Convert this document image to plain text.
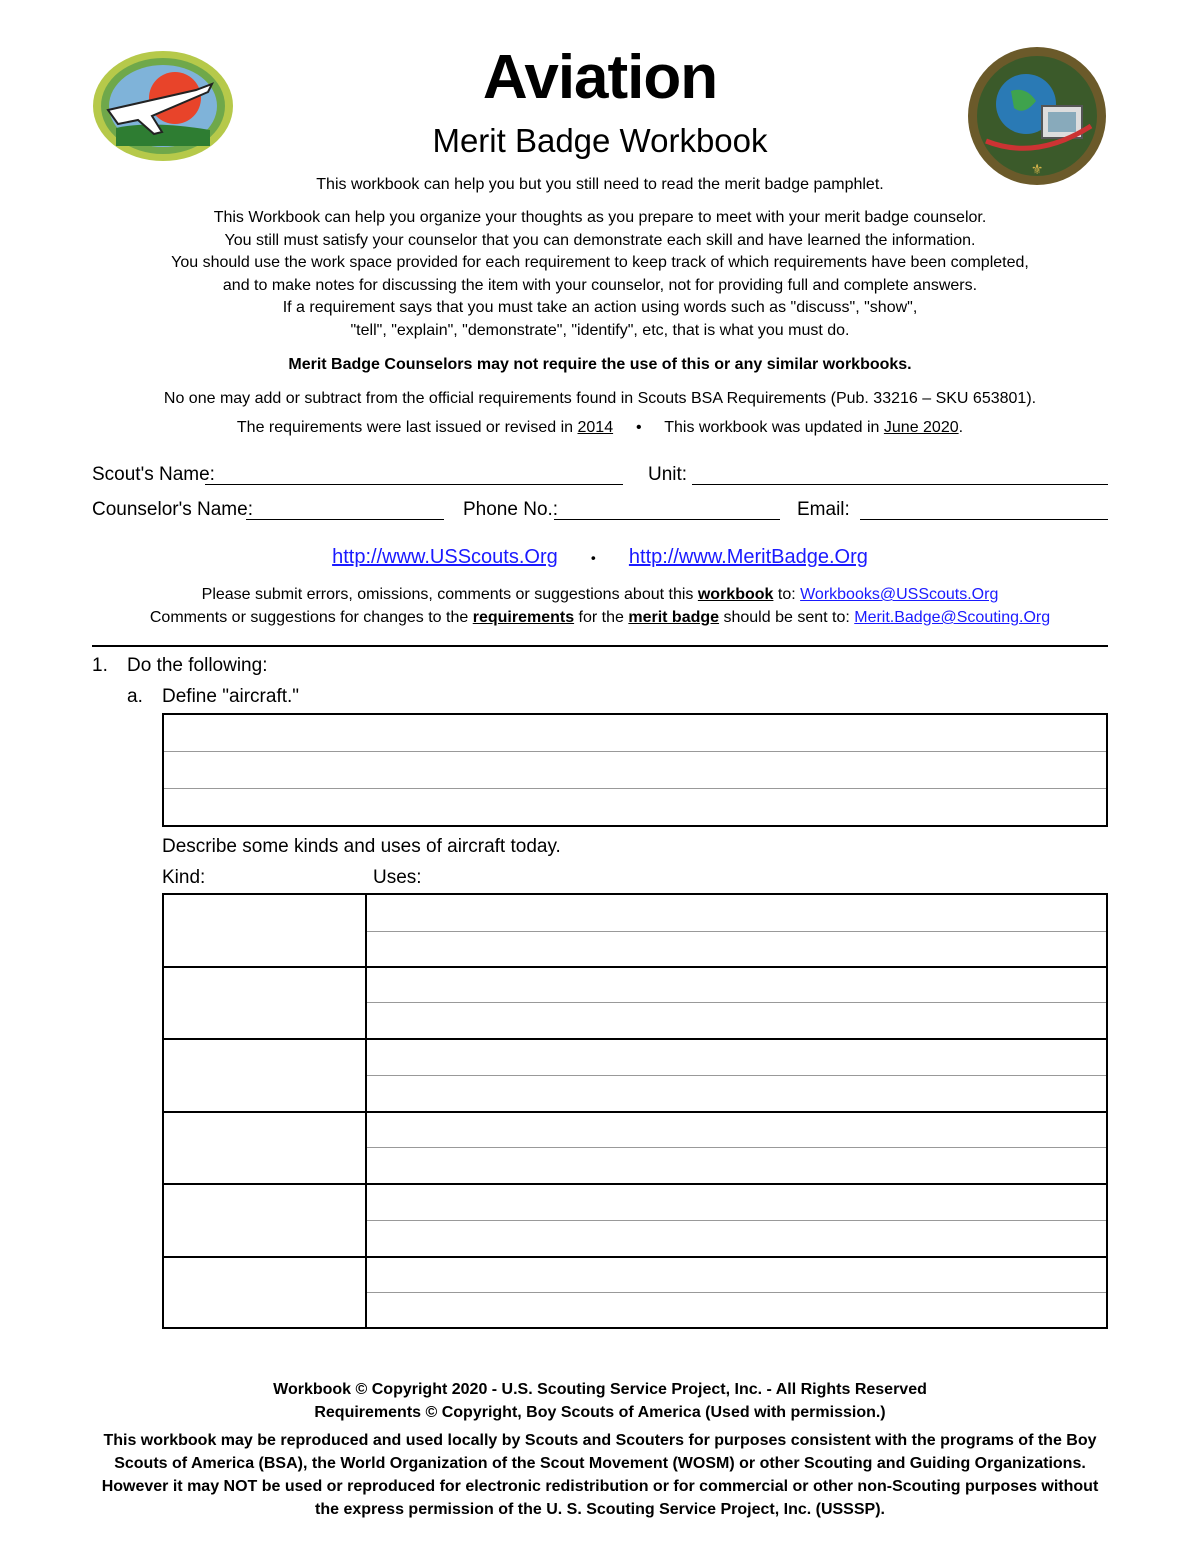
⚜
Aviation
Merit Badge Workbook
This workbook can help you but you still need to read the merit badge pamphlet.
This Workbook can help you organize your thoughts as you prepare to meet with your merit badge counselor.
You still must satisfy your counselor that you can demonstrate each skill and have learned the information.
You should use the work space provided for each requirement to keep track of which requirements have been completed,
and to make notes for discussing the item with your counselor, not for providing full and complete answers.
If a requirement says that you must take an action using words such as "discuss", "show",
"tell", "explain", "demonstrate", "identify", etc, that is what you must do.
Merit Badge Counselors may not require the use of this or any similar workbooks.
No one may add or subtract from the official requirements found in Scouts BSA Requirements (Pub. 33216 – SKU 653801).
The requirements were last issued or revised in 2014 • This workbook was updated in June 2020.
Scout's Name:	Unit:
Counselor's Name:	Phone No.:	Email:
http://www.USScouts.Org • http://www.MeritBadge.Org
Please submit errors, omissions, comments or suggestions about this workbook to: Workbooks@USScouts.Org
Comments or suggestions for changes to the requirements for the merit badge should be sent to: Merit.Badge@Scouting.Org
1. Do the following:
a. Define "aircraft."
Describe some kinds and uses of aircraft today.
Kind:	Uses:
Workbook © Copyright 2020 - U.S. Scouting Service Project, Inc. - All Rights Reserved
Requirements © Copyright, Boy Scouts of America (Used with permission.)
This workbook may be reproduced and used locally by Scouts and Scouters for purposes consistent with the programs of the Boy
Scouts of America (BSA), the World Organization of the Scout Movement (WOSM) or other Scouting and Guiding Organizations.
However it may NOT be used or reproduced for electronic redistribution or for commercial or other non-Scouting purposes without
the express permission of the U. S. Scouting Service Project, Inc. (USSSP).
